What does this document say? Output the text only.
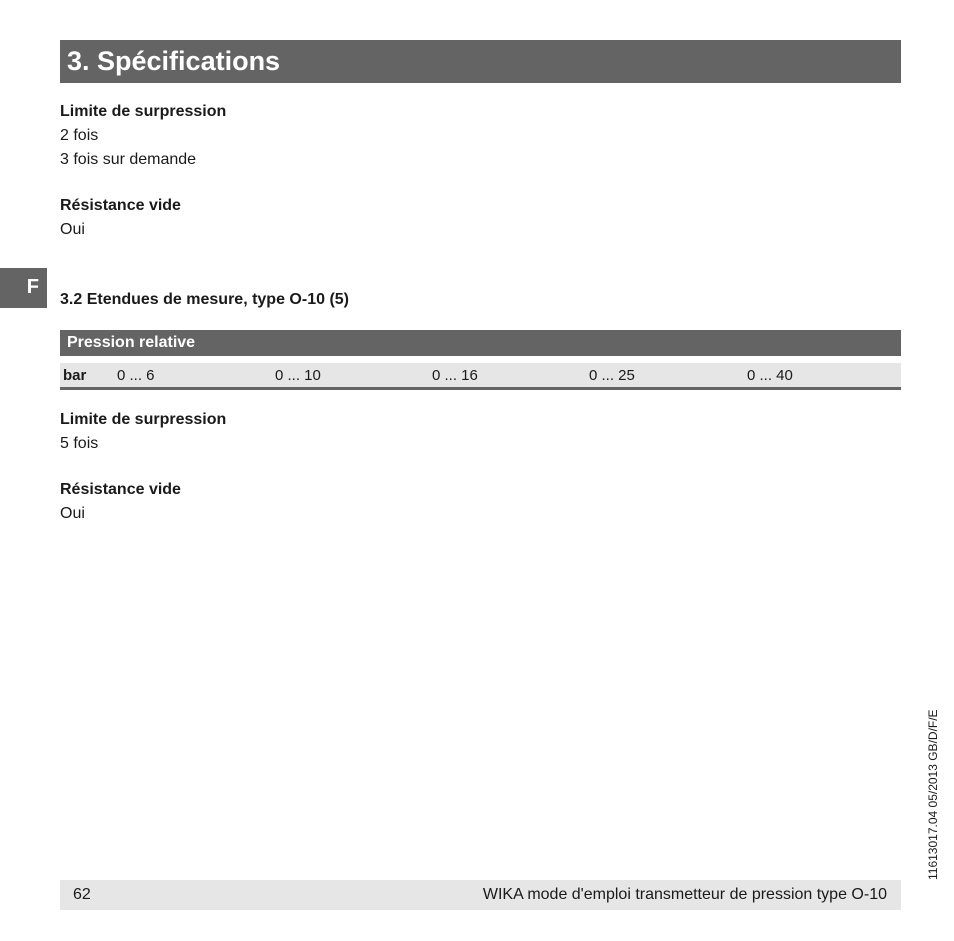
3. Spécifications
Limite de surpression
2 fois
3 fois sur demande
Résistance vide
Oui
F
3.2 Etendues de mesure, type O-10 (5)
Pression relative
bar 0 ... 6	0 ... 10	0 ... 16	0 ... 25	0 ... 40
Limite de surpression
5 fois
Résistance vide
Oui
62	WIKA mode d'emploi transmetteur de pression type O-10
11613017.04 05/2013 GB/D/F/E
